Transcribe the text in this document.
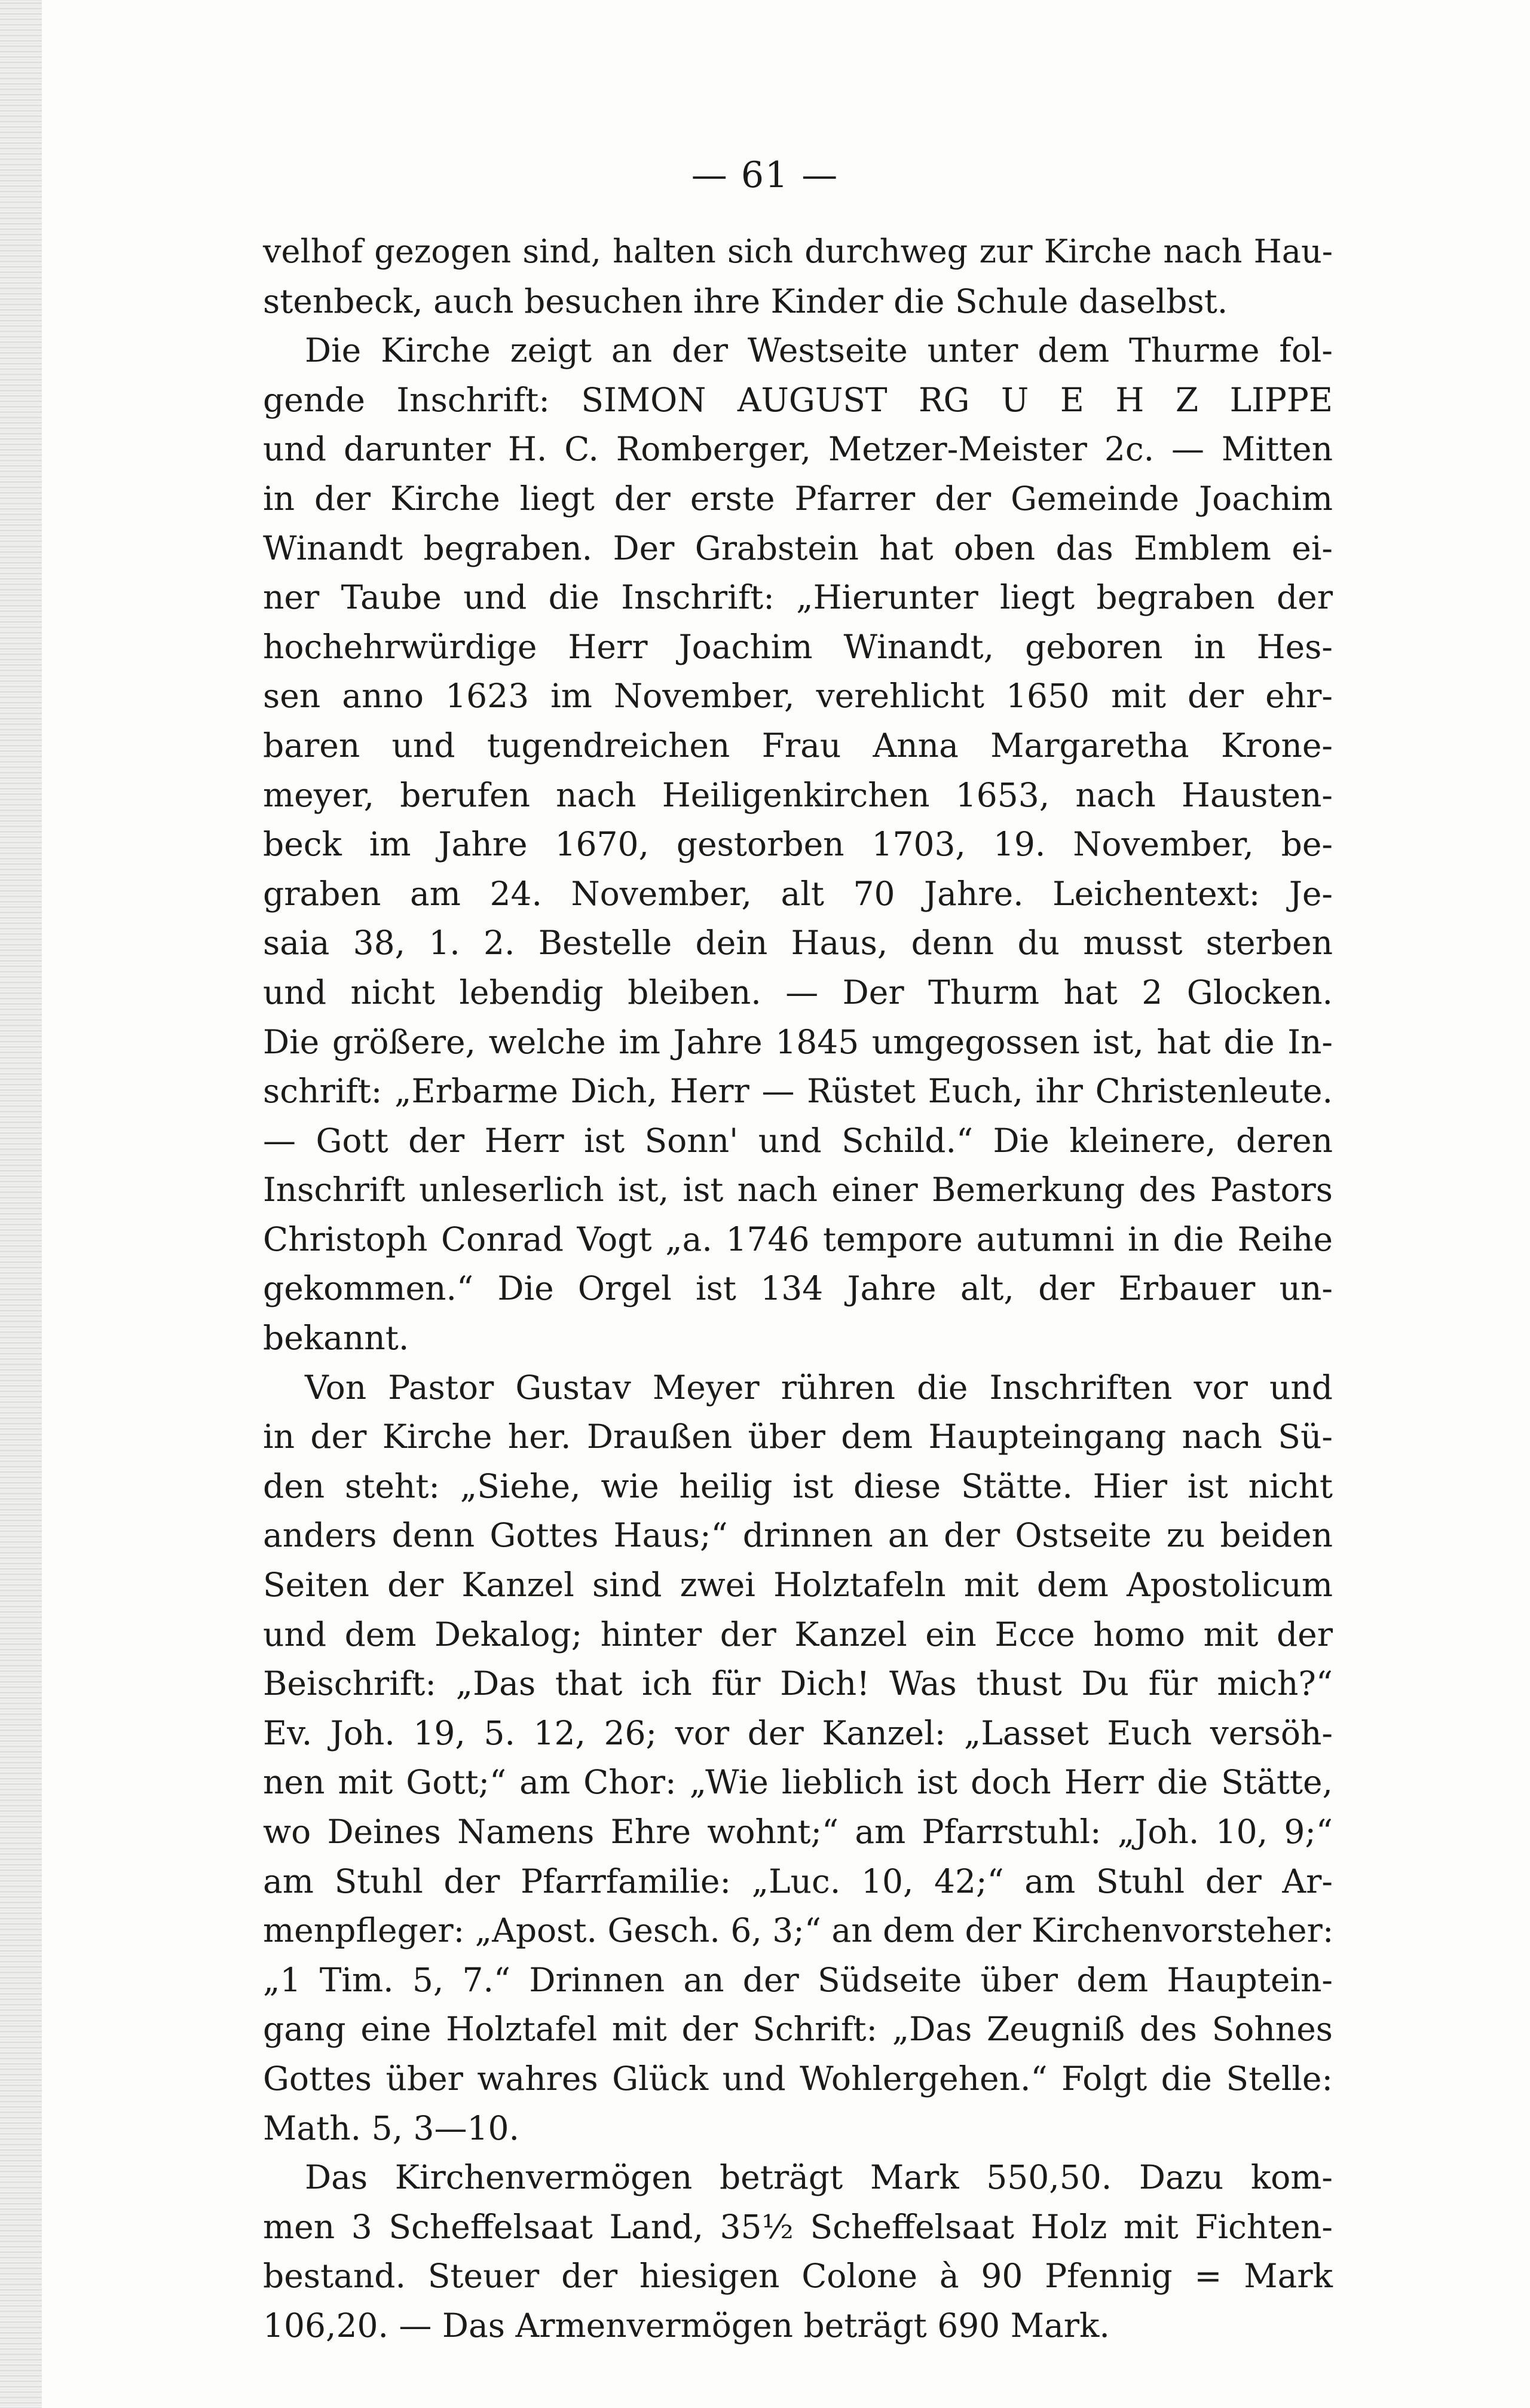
— 61 —
velhof gezogen sind, halten sich durchweg zur Kirche nach Hau-
stenbeck, auch besuchen ihre Kinder die Schule daselbst.
Die Kirche zeigt an der Westseite unter dem Thurme fol-
gende Inschrift: SIMON AUGUST RG U E H Z LIPPE
und darunter H. C. Romberger, Metzer-Meister 2c. — Mitten
in der Kirche liegt der erste Pfarrer der Gemeinde Joachim
Winandt begraben. Der Grabstein hat oben das Emblem ei-
ner Taube und die Inschrift: „Hierunter liegt begraben der
hochehrwürdige Herr Joachim Winandt, geboren in Hes-
sen anno 1623 im November, verehlicht 1650 mit der ehr-
baren und tugendreichen Frau Anna Margaretha Krone-
meyer, berufen nach Heiligenkirchen 1653, nach Hausten-
beck im Jahre 1670, gestorben 1703, 19. November, be-
graben am 24. November, alt 70 Jahre. Leichentext: Je-
saia 38, 1. 2. Bestelle dein Haus, denn du musst sterben
und nicht lebendig bleiben. — Der Thurm hat 2 Glocken.
Die größere, welche im Jahre 1845 umgegossen ist, hat die In-
schrift: „Erbarme Dich, Herr — Rüstet Euch, ihr Christenleute.
— Gott der Herr ist Sonn' und Schild.“ Die kleinere, deren
Inschrift unleserlich ist, ist nach einer Bemerkung des Pastors
Christoph Conrad Vogt „a. 1746 tempore autumni in die Reihe
gekommen.“ Die Orgel ist 134 Jahre alt, der Erbauer un-
bekannt.
Von Pastor Gustav Meyer rühren die Inschriften vor und
in der Kirche her. Draußen über dem Haupteingang nach Sü-
den steht: „Siehe, wie heilig ist diese Stätte. Hier ist nicht
anders denn Gottes Haus;“ drinnen an der Ostseite zu beiden
Seiten der Kanzel sind zwei Holztafeln mit dem Apostolicum
und dem Dekalog; hinter der Kanzel ein Ecce homo mit der
Beischrift: „Das that ich für Dich! Was thust Du für mich?“
Ev. Joh. 19, 5. 12, 26; vor der Kanzel: „Lasset Euch versöh-
nen mit Gott;“ am Chor: „Wie lieblich ist doch Herr die Stätte,
wo Deines Namens Ehre wohnt;“ am Pfarrstuhl: „Joh. 10, 9;“
am Stuhl der Pfarrfamilie: „Luc. 10, 42;“ am Stuhl der Ar-
menpfleger: „Apost. Gesch. 6, 3;“ an dem der Kirchenvorsteher:
„1 Tim. 5, 7.“ Drinnen an der Südseite über dem Hauptein-
gang eine Holztafel mit der Schrift: „Das Zeugniß des Sohnes
Gottes über wahres Glück und Wohlergehen.“ Folgt die Stelle:
Math. 5, 3—10.
Das Kirchenvermögen beträgt Mark 550,50. Dazu kom-
men 3 Scheffelsaat Land, 35½ Scheffelsaat Holz mit Fichten-
bestand. Steuer der hiesigen Colone à 90 Pfennig = Mark
106,20. — Das Armenvermögen beträgt 690 Mark.
